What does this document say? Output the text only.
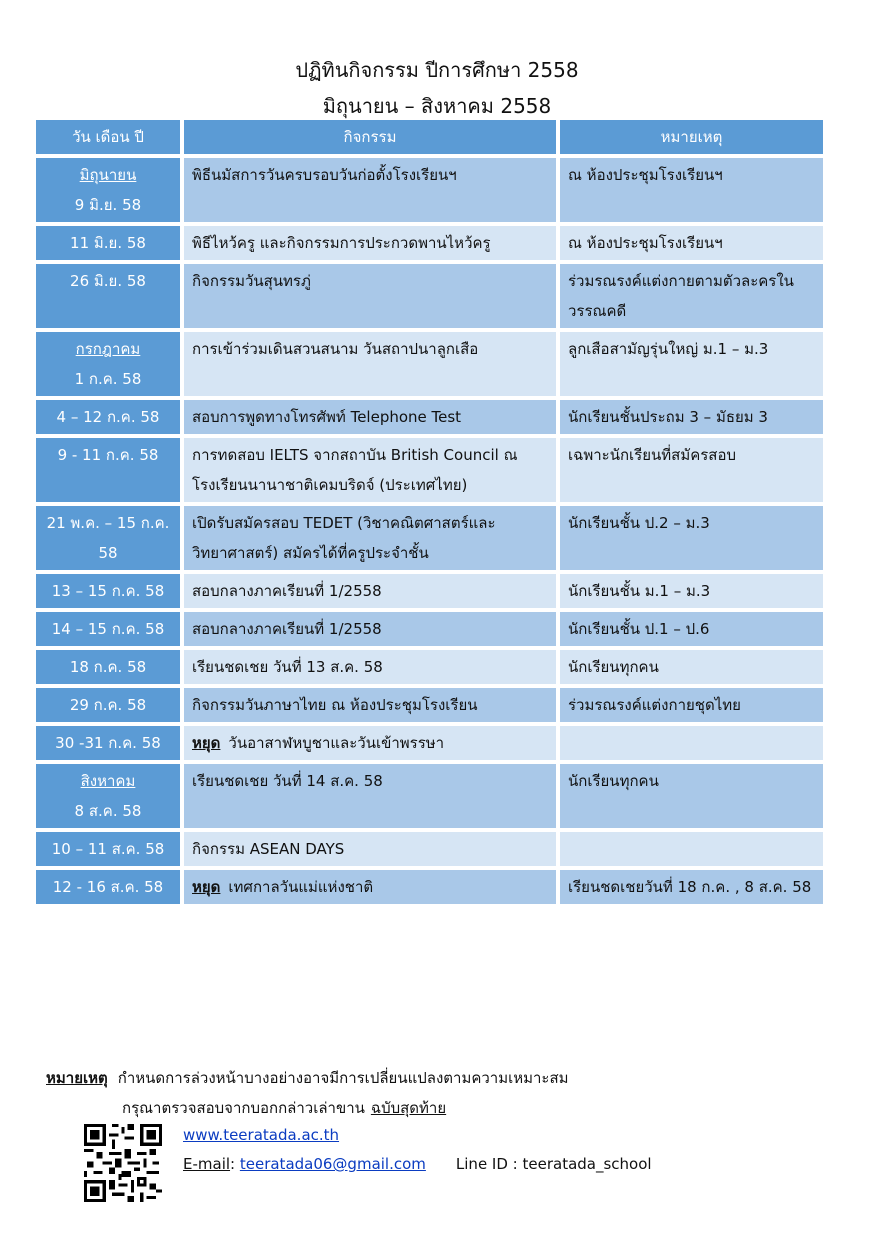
ปฏิทินกิจกรรม ปีการศึกษา 2558
มิถุนายน – สิงหาคม 2558
วัน เดือน ปี	กิจกรรม	หมายเหตุ

มิถุนายน
9 มิ.ย. 58	พิธีนมัสการวันครบรอบวันก่อตั้งโรงเรียนฯ	ณ ห้องประชุมโรงเรียนฯ

11 มิ.ย. 58	พิธีไหว้ครู และกิจกรรมการประกวดพานไหว้ครู	ณ ห้องประชุมโรงเรียนฯ

26 มิ.ย. 58	กิจกรรมวันสุนทรภู่	ร่วมรณรงค์แต่งกายตามตัวละครในวรรณคดี

กรกฎาคม
1 ก.ค. 58	การเข้าร่วมเดินสวนสนาม วันสถาปนาลูกเสือ	ลูกเสือสามัญรุ่นใหญ่ ม.1 – ม.3

4 – 12 ก.ค. 58	สอบการพูดทางโทรศัพท์ Telephone Test	นักเรียนชั้นประถม 3 – มัธยม 3

9 - 11 ก.ค. 58	การทดสอบ IELTS จากสถาบัน British Council ณ โรงเรียนนานาชาติเคมบริดจ์ (ประเทศไทย)	เฉพาะนักเรียนที่สมัครสอบ

21 พ.ค. – 15 ก.ค. 58	เปิดรับสมัครสอบ TEDET (วิชาคณิตศาสตร์และวิทยาศาสตร์) สมัครได้ที่ครูประจำชั้น	นักเรียนชั้น ป.2 – ม.3

13 – 15 ก.ค. 58	สอบกลางภาคเรียนที่ 1/2558	นักเรียนชั้น ม.1 – ม.3

14 – 15 ก.ค. 58	สอบกลางภาคเรียนที่ 1/2558	นักเรียนชั้น ป.1 – ป.6

18 ก.ค. 58	เรียนชดเชย วันที่ 13 ส.ค. 58	นักเรียนทุกคน

29 ก.ค. 58	กิจกรรมวันภาษาไทย ณ ห้องประชุมโรงเรียน	ร่วมรณรงค์แต่งกายชุดไทย

30 -31 ก.ค. 58	หยุด วันอาสาฬหบูชาและวันเข้าพรรษา	

สิงหาคม
8 ส.ค. 58	เรียนชดเชย วันที่ 14 ส.ค. 58	นักเรียนทุกคน

10 – 11 ส.ค. 58	กิจกรรม ASEAN DAYS	

12 - 16 ส.ค. 58	หยุด เทศกาลวันแม่แห่งชาติ	เรียนชดเชยวันที่ 18 ก.ค. , 8 ส.ค. 58
หมายเหตุ กำหนดการล่วงหน้าบางอย่างอาจมีการเปลี่ยนแปลงตามความเหมาะสม
กรุณาตรวจสอบจากบอกกล่าวเล่าขาน ฉบับสุดท้าย
www.teeratada.ac.th
E-mail: teeratada06@gmail.com Line ID : teeratada_school
